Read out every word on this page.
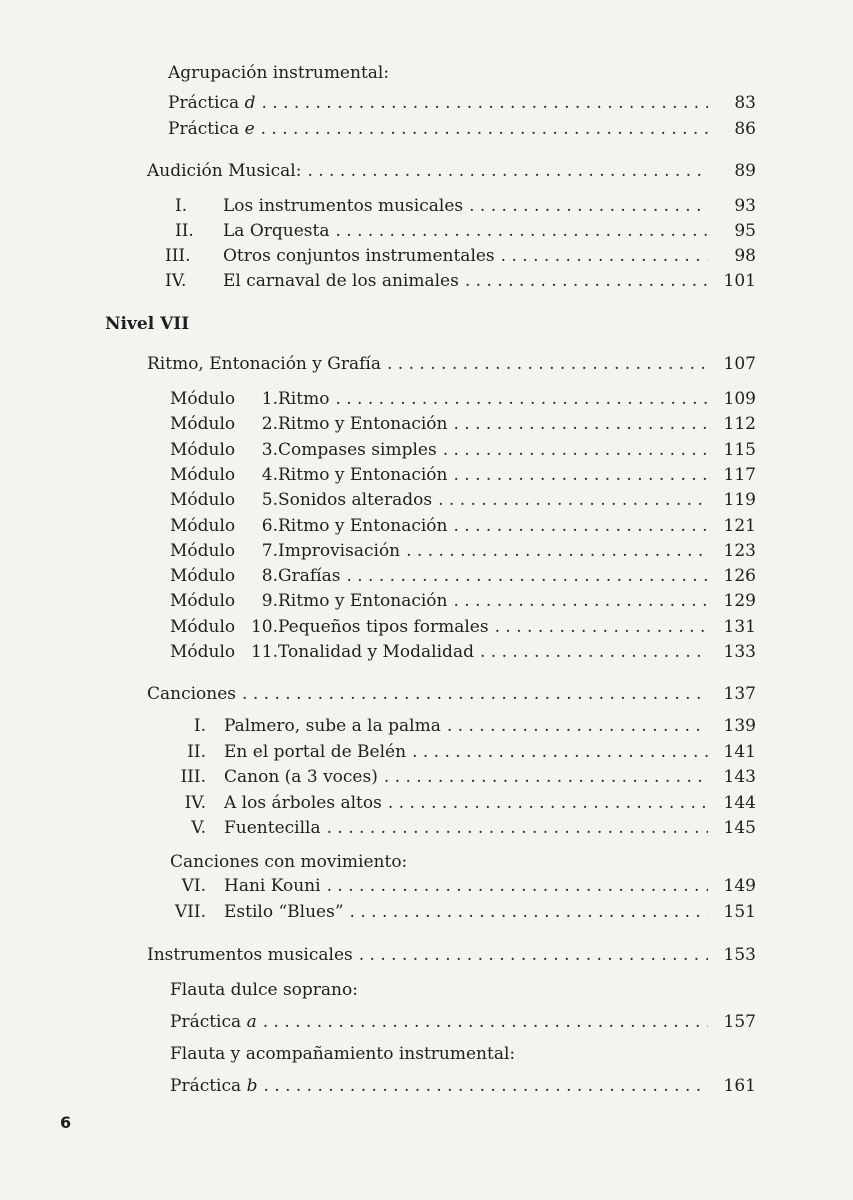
Agrupación instrumental:
Práctica d . . .	83
Práctica e . . .	86
Audición Musical: . . .	89
I.	Los instrumentos musicales . . .	93
II.	La Orquesta . . .	95
III.	Otros conjuntos instrumentales . . .	98
IV.	El carnaval de los animales . . .	101
Nivel VII
Ritmo, Entonación y Grafía . . .	107
Módulo	1. Ritmo . . .	109
Módulo	2. Ritmo y Entonación . . .	112
Módulo	3. Compases simples . . .	115
Módulo	4. Ritmo y Entonación . . .	117
Módulo	5. Sonidos alterados . . .	119
Módulo	6. Ritmo y Entonación . . .	121
Módulo	7. Improvisación . . .	123
Módulo	8. Grafías . . .	126
Módulo	9. Ritmo y Entonación . . .	129
Módulo 10. Pequeños tipos formales . . .	131
Módulo 11. Tonalidad y Modalidad . . .	133
Canciones . . .	137
I. Palmero, sube a la palma . . .	139
II. En el portal de Belén . . .	141
III. Canon (a 3 voces) . . .	143
IV. A los árboles altos . . .	144
V. Fuentecilla . . .	145
Canciones con movimiento:
VI. Hani Kouni . . .	149
VII. Estilo “Blues” . . .	151
Instrumentos musicales . . .	153
Flauta dulce soprano:
Práctica a . . .	157
Flauta y acompañamiento instrumental:
Práctica b . . .	161
6
